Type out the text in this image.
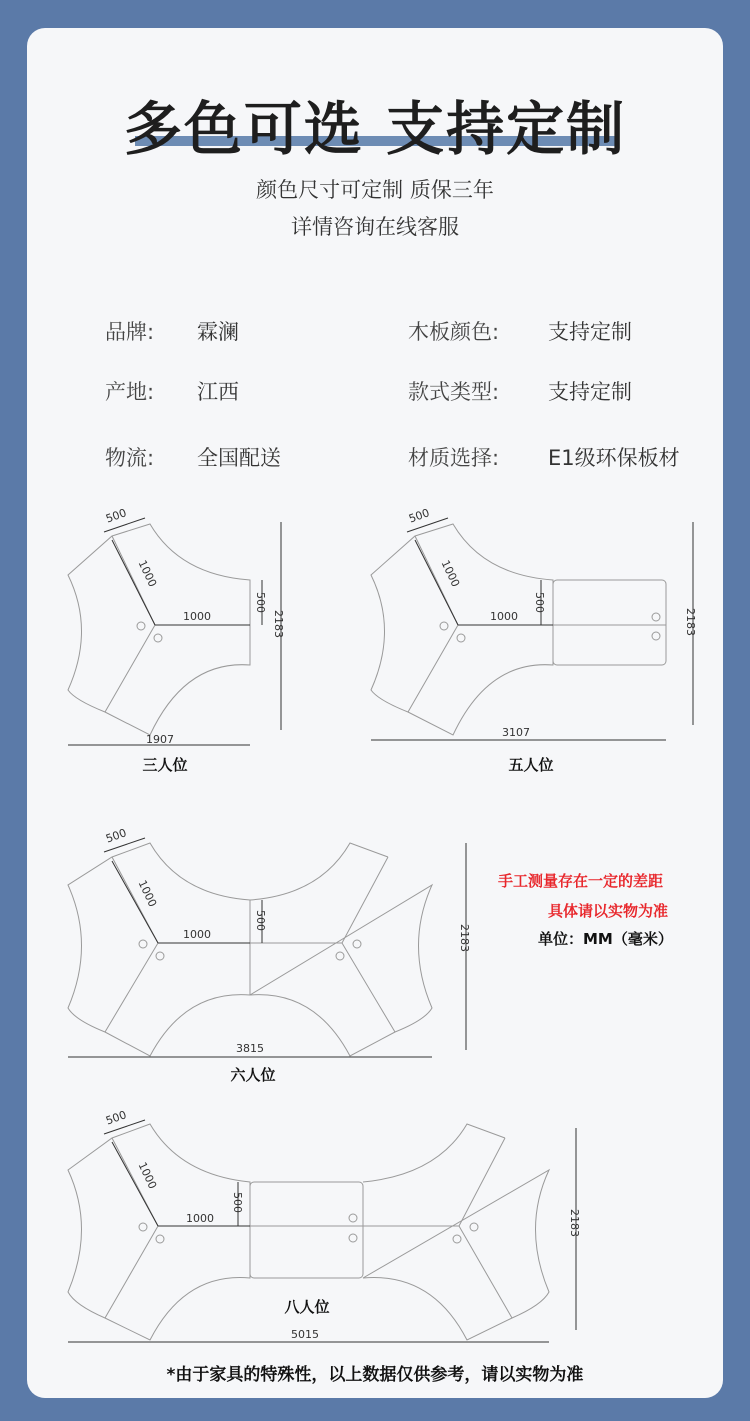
多色可选 支持定制
颜色尺寸可定制 质保三年
详情咨询在线客服
品牌: 霖澜	木板颜色: 支持定制
产地: 江西	款式类型: 支持定制
物流: 全国配送	材质选择: E1级环保板材
500
1000
1000
500
2183
1907
500
1000
1000
500
2183
3107
500
1000
1000
500
2183
3815
500
1000
1000
500
2183
5015
三人位	五人位
六人位
八人位
手工测量存在一定的差距
具体请以实物为准
单位：MM（毫米）
*由于家具的特殊性，以上数据仅供参考，请以实物为准
